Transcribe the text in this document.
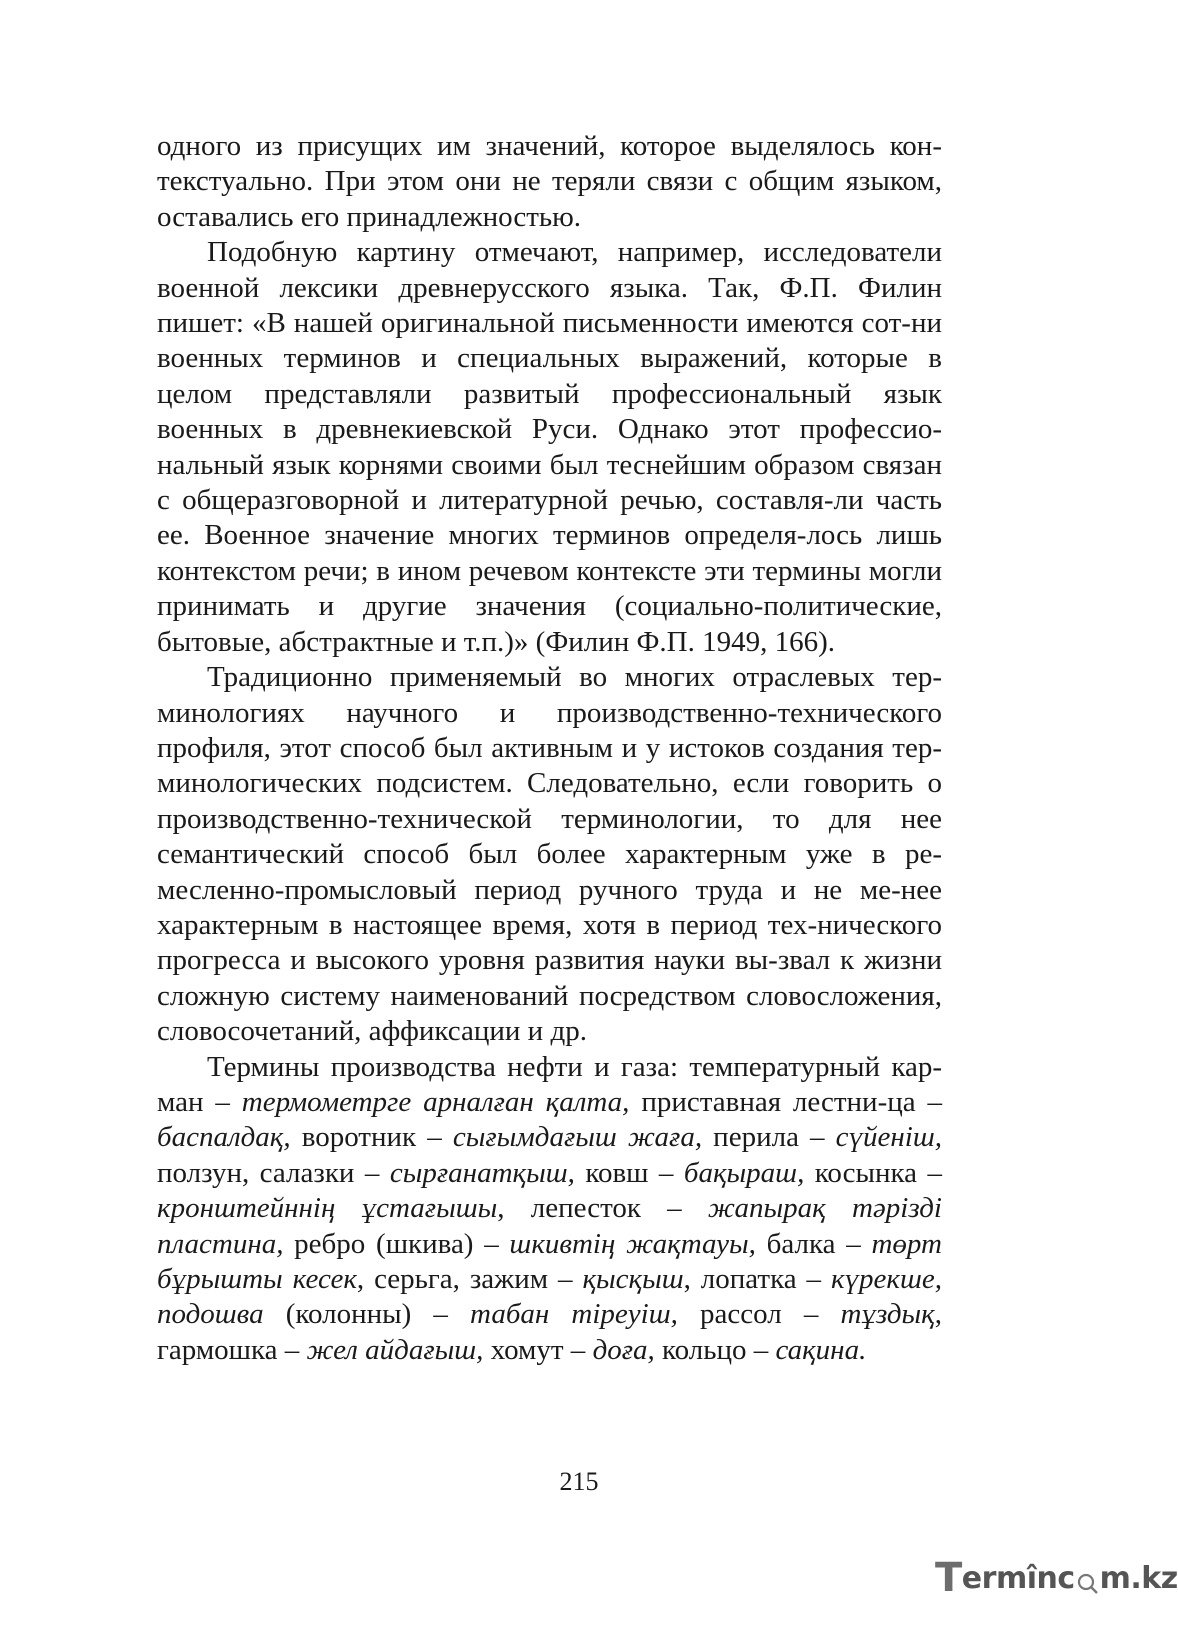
одного из присущих им значений, которое выделялось кон-текстуально. При этом они не теряли связи с общим языком, оставались его принадлежностью.

Подобную картину отмечают, например, исследователи военной лексики древнерусского языка. Так, Ф.П. Филин пишет: «В нашей оригинальной письменности имеются сот-ни военных терминов и специальных выражений, которые в целом представляли развитый профессиональный язык военных в древнекиевской Руси. Однако этот профессио-нальный язык корнями своими был теснейшим образом связан с общеразговорной и литературной речью, составля-ли часть ее. Военное значение многих терминов определя-лось лишь контекстом речи; в ином речевом контексте эти термины могли принимать и другие значения (социально-политические, бытовые, абстрактные и т.п.)» (Филин Ф.П. 1949, 166).

Традиционно применяемый во многих отраслевых тер-минологиях научного и производственно-технического профиля, этот способ был активным и у истоков создания тер-минологических подсистем. Следовательно, если говорить о производственно-технической терминологии, то для нее семантический способ был более характерным уже в ре-месленно-промысловый период ручного труда и не ме-нее характерным в настоящее время, хотя в период тех-нического прогресса и высокого уровня развития науки вы-звал к жизни сложную систему наименований посредством словосложения, словосочетаний, аффиксации и др.

Термины производства нефти и газа: температурный кар-ман – термометрге арналған қалта, приставная лестни-ца – баспалдақ, воротник – сығымдағыш жаға, перила – сүйеніш, ползун, салазки – сырғанатқыш, ковш – бақыраш, косынка – кронштейннің ұстағышы, лепесток – жапырақ тәрізді пластина, ребро (шкива) – шкивтің жақтауы, балка – төрт бұрышты кесек, серьга, зажим – қысқыш, лопатка – күрекше, подошва (колонны) – табан тіреуіш, рассол – тұздық, гармошка – жел айдағыш, хомут – доға, кольцо – сақина.

215
T ermînc m.kz
